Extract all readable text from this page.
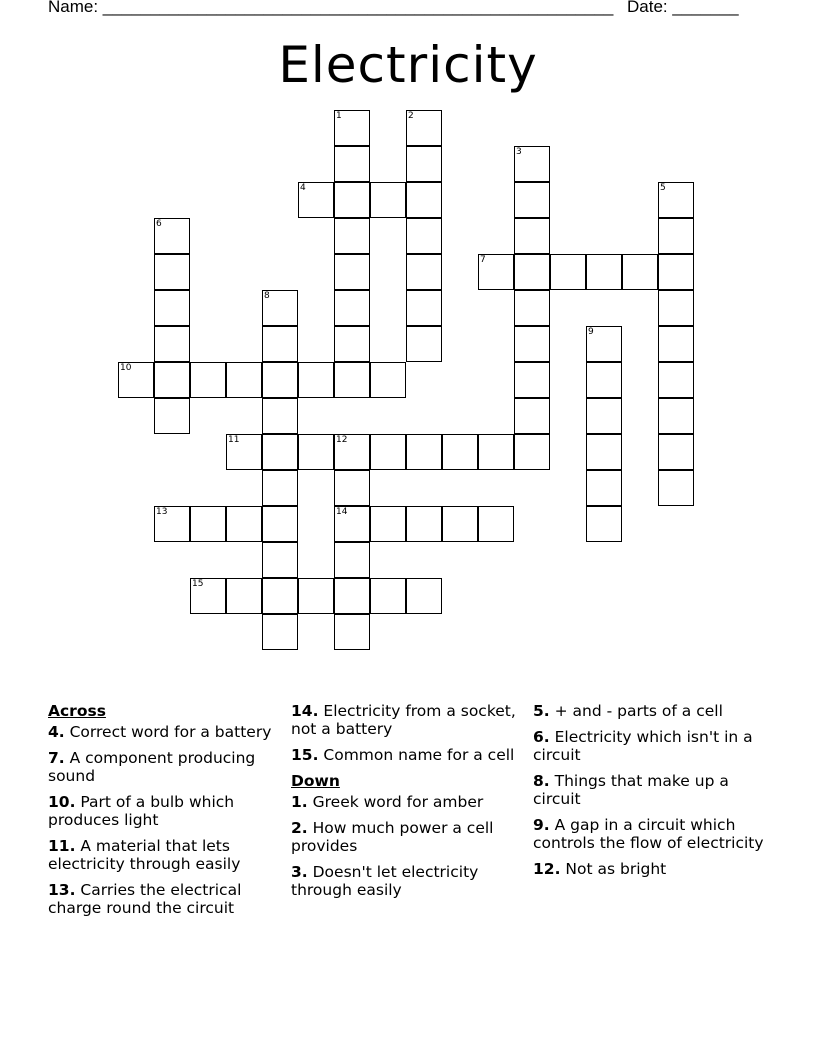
Name: ______________________________________________________ Date: _______
Electricity
1	2
3
4	5
6
7
8
9
10
11	12
14
13
15
Across
4. Correct word for a battery
7. A component producing sound
10. Part of a bulb which produces light
11. A material that lets electricity through easily
13. Carries the electrical charge round the circuit
14. Electricity from a socket, not a battery
15. Common name for a cell
Down
1. Greek word for amber
2. How much power a cell provides
3. Doesn't let electricity through easily
5. + and - parts of a cell
6. Electricity which isn't in a circuit
8. Things that make up a circuit
9. A gap in a circuit which controls the flow of electricity
12. Not as bright
